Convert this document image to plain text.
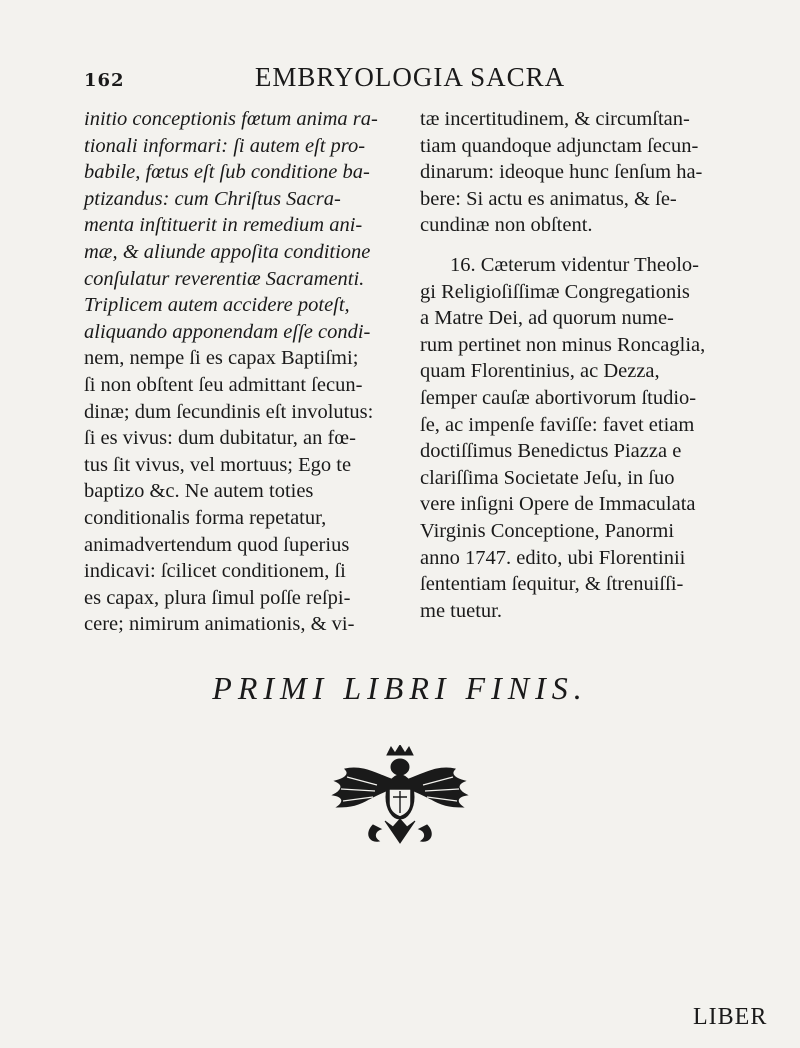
162	EMBRYOLOGIA SACRA
initio conceptionis fœtum anima ra-
tionali informari: ſi autem eſt pro-
babile, fœtus eſt ſub conditione ba-
ptizandus: cum Chriſtus Sacra-
menta inſtituerit in remedium ani-
mæ, & aliunde appoſita conditione
conſulatur reverentiæ Sacramenti.
Triplicem autem accidere poteſt,
aliquando apponendam eſſe condi-
nem, nempe ſi es capax Baptiſmi;
ſi non obſtent ſeu admittant ſecun-
dinæ; dum ſecundinis eſt involutus:
ſi es vivus: dum dubitatur, an fœ-
tus ſit vivus, vel mortuus; Ego te
baptizo &c. Ne autem toties
conditionalis forma repetatur,
animadvertendum quod ſuperius
indicavi: ſcilicet conditionem, ſi
es capax, plura ſimul poſſe reſpi-
cere; nimirum animationis, & vi-
tæ incertitudinem, & circumſtan-
tiam quandoque adjunctam ſecun-
dinarum: ideoque hunc ſenſum ha-
bere: Si actu es animatus, & ſe-
cundinæ non obſtent.
16. Cæterum videntur Theolo-
gi Religioſiſſimæ Congregationis
a Matre Dei, ad quorum nume-
rum pertinet non minus Roncaglia,
quam Florentinius, ac Dezza,
ſemper cauſæ abortivorum ſtudio-
ſe, ac impenſe faviſſe: favet etiam
doctiſſimus Benedictus Piazza e
clariſſima Societate Jeſu, in ſuo
vere inſigni Opere de Immaculata
Virginis Conceptione, Panormi
anno 1747. edito, ubi Florentinii
ſententiam ſequitur, & ſtrenuiſſi-
me tuetur.
PRIMI LIBRI FINIS.
LIBER
